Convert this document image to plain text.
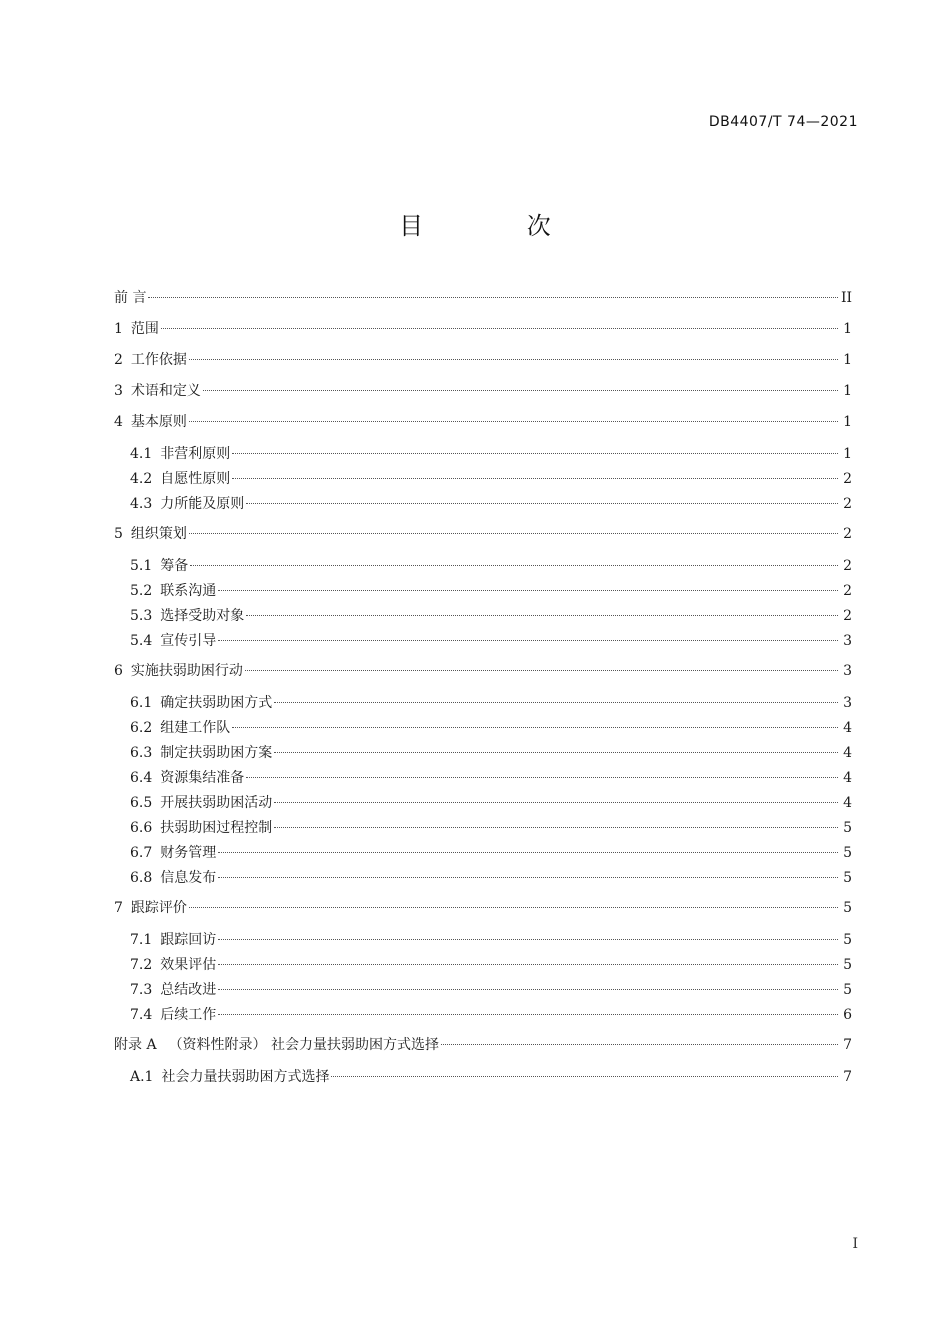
DB4407/T 74—2021
目 次
前 言	II
1 范围	1
2 工作依据	1
3 术语和定义	1
4 基本原则	1
4.1 非营利原则	1
4.2 自愿性原则	2
4.3 力所能及原则	2
5 组织策划	2
5.1 筹备	2
5.2 联系沟通	2
5.3 选择受助对象	2
5.4 宣传引导	3
6 实施扶弱助困行动	3
6.1 确定扶弱助困方式	3
6.2 组建工作队	4
6.3 制定扶弱助困方案	4
6.4 资源集结准备	4
6.5 开展扶弱助困活动	4
6.6 扶弱助困过程控制	5
6.7 财务管理	5
6.8 信息发布	5
7 跟踪评价	5
7.1 跟踪回访	5
7.2 效果评估	5
7.3 总结改进	5
7.4 后续工作	6
附录 A （资料性附录） 社会力量扶弱助困方式选择	7
A.1 社会力量扶弱助困方式选择	7
I
